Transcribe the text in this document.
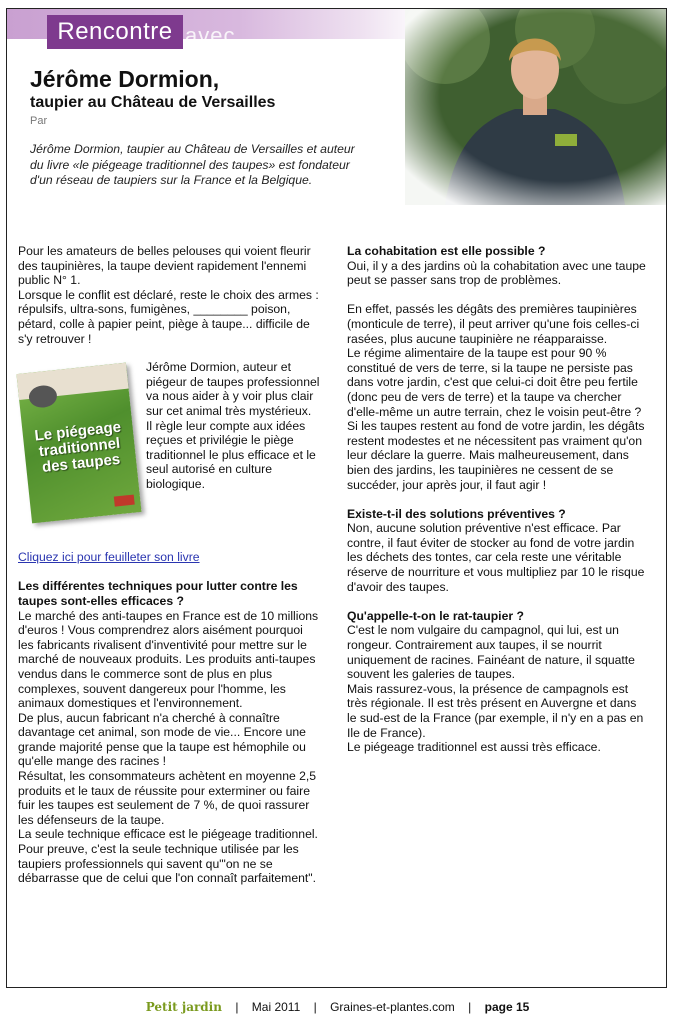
Rencontre avec...
Jérôme Dormion,
taupier au Château de Versailles
Par

Jérôme Dormion, taupier au Château de Versailles et auteur du livre «le piégeage traditionnel des taupes» est fondateur d'un réseau de taupiers sur la France et la Belgique.

Pour les amateurs de belles pelouses qui voient fleurir des taupinières, la taupe devient rapidement l'ennemi public N° 1.

Lorsque le conflit est déclaré, reste le choix des armes : répulsifs, ultra-sons, fumigènes, ________ poison, pétard, colle à papier peint, piège à taupe... difficile de s'y retrouver !

Le piégeage traditionnel des taupes

Jérôme Dormion, auteur et piégeur de taupes professionnel va nous aider à y voir plus clair sur cet animal très mystérieux. Il règle leur compte aux idées reçues et privilégie le piège traditionnel le plus efficace et le seul autorisé en culture biologique.

Cliquez ici pour feuilleter son livre

Les différentes techniques pour lutter contre les taupes sont-elles efficaces ?

Le marché des anti-taupes en France est de 10 millions d'euros ! Vous comprendrez alors aisément pourquoi les fabricants rivalisent d'inventivité pour mettre sur le marché de nouveaux produits. Les produits anti-taupes vendus dans le commerce sont de plus en plus complexes, souvent dangereux pour l'homme, les animaux domestiques et l'environnement.

De plus, aucun fabricant n'a cherché à connaître davantage cet animal, son mode de vie... Encore une grande majorité pense que la taupe est hémophile ou qu'elle mange des racines !

Résultat, les consommateurs achètent en moyenne 2,5 produits et le taux de réussite pour exterminer ou faire fuir les taupes est seulement de 7 %, de quoi rassurer les défenseurs de la taupe.

La seule technique efficace est le piégeage traditionnel. Pour preuve, c'est la seule technique utilisée par les taupiers professionnels qui savent qu"'on ne se débarrasse que de celui que l'on connaît parfaitement".

La cohabitation est elle possible ?

Oui, il y a des jardins où la cohabitation avec une taupe peut se passer sans trop de problèmes.

En effet, passés les dégâts des premières taupinières (monticule de terre), il peut arriver qu'une fois celles-ci rasées, plus aucune taupinière ne réapparaisse.

Le régime alimentaire de la taupe est pour 90 % constitué de vers de terre, si la taupe ne persiste pas dans votre jardin, c'est que celui-ci doit être peu fertile (donc peu de vers de terre) et la taupe va chercher d'elle-même un autre terrain, chez le voisin peut-être ?

Si les taupes restent au fond de votre jardin, les dégâts restent modestes et ne nécessitent pas vraiment qu'on leur déclare la guerre. Mais malheureusement, dans bien des jardins, les taupinières ne cessent de se succéder, jour après jour, il faut agir !

Existe-t-il des solutions préventives ?

Non, aucune solution préventive n'est efficace. Par contre, il faut éviter de stocker au fond de votre jardin les déchets des tontes, car cela reste une véritable réserve de nourriture et vous multipliez par 10 le risque d'avoir des taupes.

Qu'appelle-t-on le rat-taupier ?

C'est le nom vulgaire du campagnol, qui lui, est un rongeur. Contrairement aux taupes, il se nourrit uniquement de racines. Fainéant de nature, il squatte souvent les galeries de taupes.

Mais rassurez-vous, la présence de campagnols est très régionale. Il est très présent en Auvergne et dans le sud-est de la France (par exemple, il n'y en a pas en Ile de France).

Le piégeage traditionnel est aussi très efficace.

Petit jardin | Mai 2011 | Graines-et-plantes.com | page 15
